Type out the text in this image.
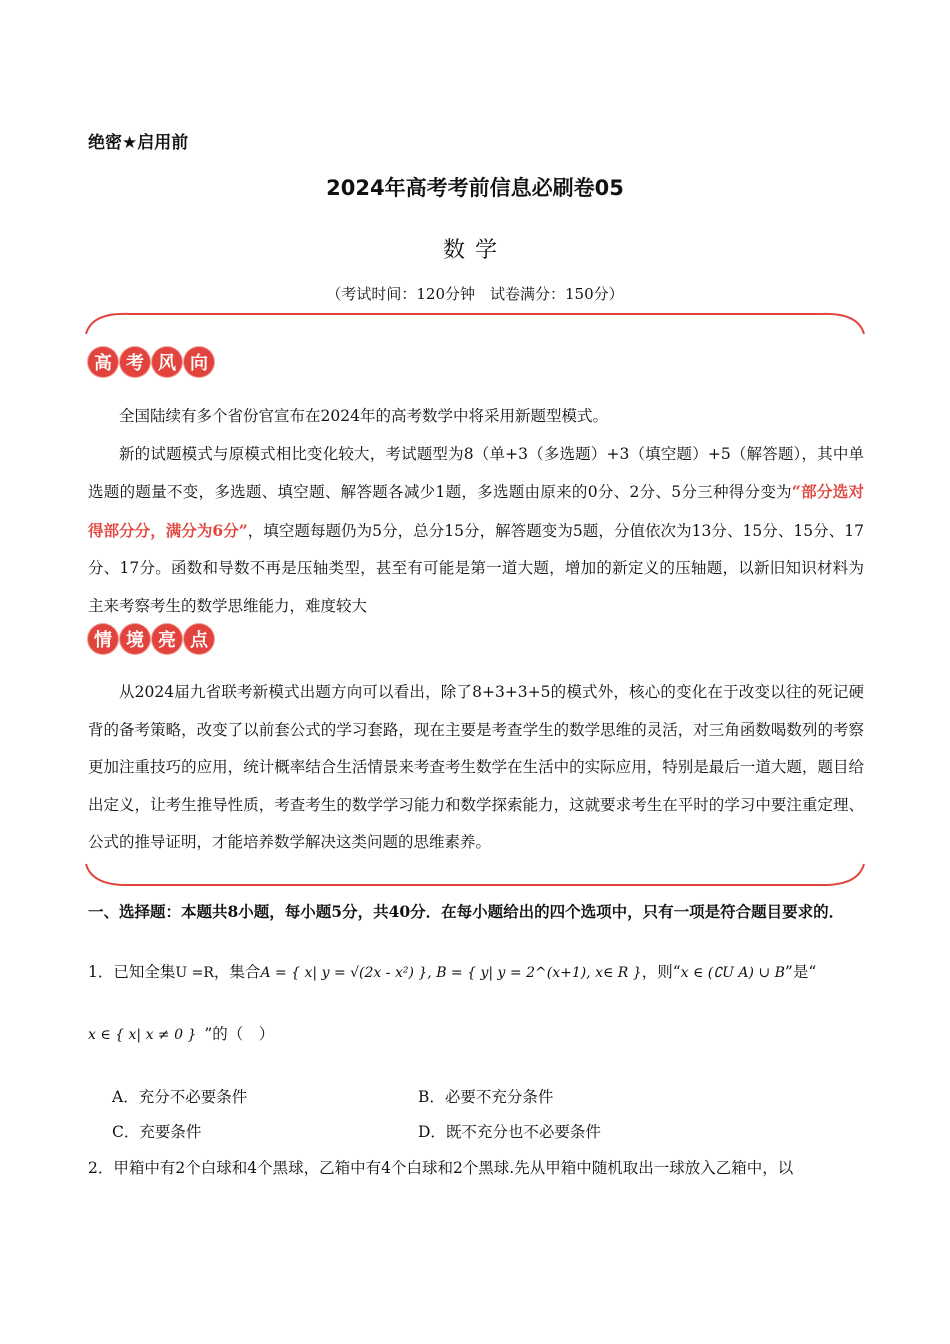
绝密★启用前
2024年高考考前信息必刷卷05
数学
（考试时间：120分钟　试卷满分：150分）
高 考 风 向

全国陆续有多个省份官宣布在2024年的高考数学中将采用新题型模式。

新的试题模式与原模式相比变化较大，考试题型为8（单+3（多选题）+3（填空题）+5（解答题），其中单选题的题量不变，多选题、填空题、解答题各减少1题，多选题由原来的0分、2分、5分三种得分变为“部分选对得部分分，满分为6分”，填空题每题仍为5分，总分15分，解答题变为5题，分值依次为13分、15分、15分、17分、17分。函数和导数不再是压轴类型，甚至有可能是第一道大题，增加的新定义的压轴题，以新旧知识材料为主来考察考生的数学思维能力，难度较大

情 境 亮 点

从2024届九省联考新模式出题方向可以看出，除了8+3+3+5的模式外，核心的变化在于改变以往的死记硬背的备考策略，改变了以前套公式的学习套路，现在主要是考查学生的数学思维的灵活，对三角函数喝数列的考察更加注重技巧的应用，统计概率结合生活情景来考查考生数学在生活中的实际应用，特别是最后一道大题，题目给出定义，让考生推导性质，考查考生的数学学习能力和数学探索能力，这就要求考生在平时的学习中要注重定理、公式的推导证明，才能培养数学解决这类问题的思维素养。

一、选择题：本题共8小题，每小题5分，共40分．在每小题给出的四个选项中，只有一项是符合题目要求的．
1．已知全集U =R，集合A = { x| y = √(2x - x²) }, B = { y| y = 2^(x+1), x∈ R }，则“x ∈ (∁U A) ∪ B”是“
x ∈ { x| x ≠ 0 } ”的（　）
A．充分不必要条件	B．必要不充分条件
C．充要条件	D．既不充分也不必要条件
2．甲箱中有2个白球和4个黑球，乙箱中有4个白球和2个黑球.先从甲箱中随机取出一球放入乙箱中，以
